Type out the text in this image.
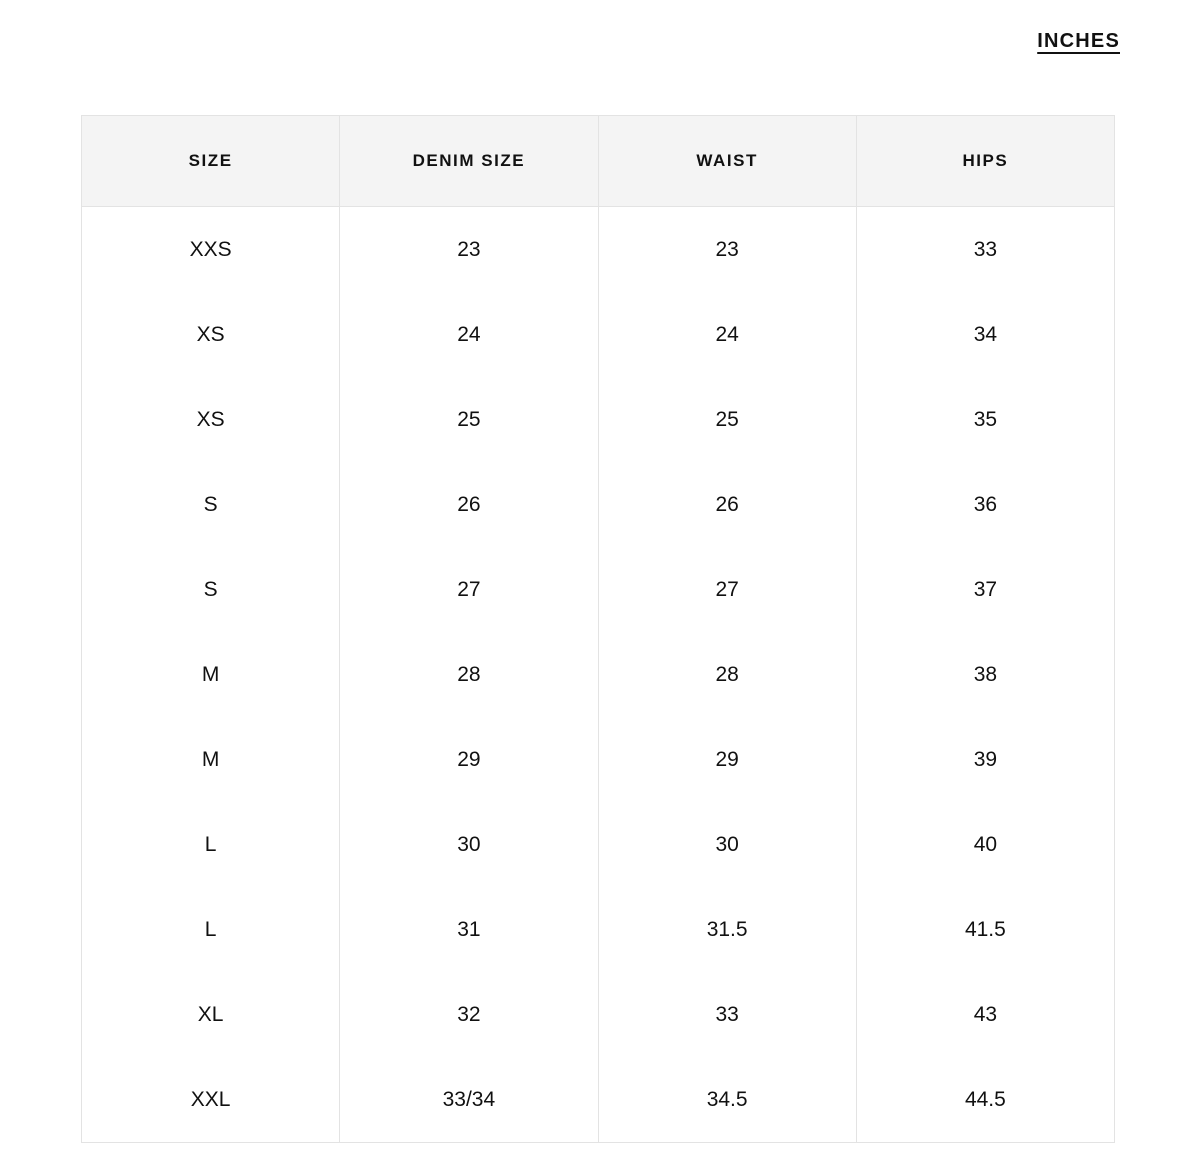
INCHES
SIZE	DENIM SIZE	WAIST	HIPS
XXS	23	23	33
XS	24	24	34
XS	25	25	35
S	26	26	36
S	27	27	37
M	28	28	38
M	29	29	39
L	30	30	40
L	31	31.5	41.5
XL	32	33	43
XXL	33/34	34.5	44.5
